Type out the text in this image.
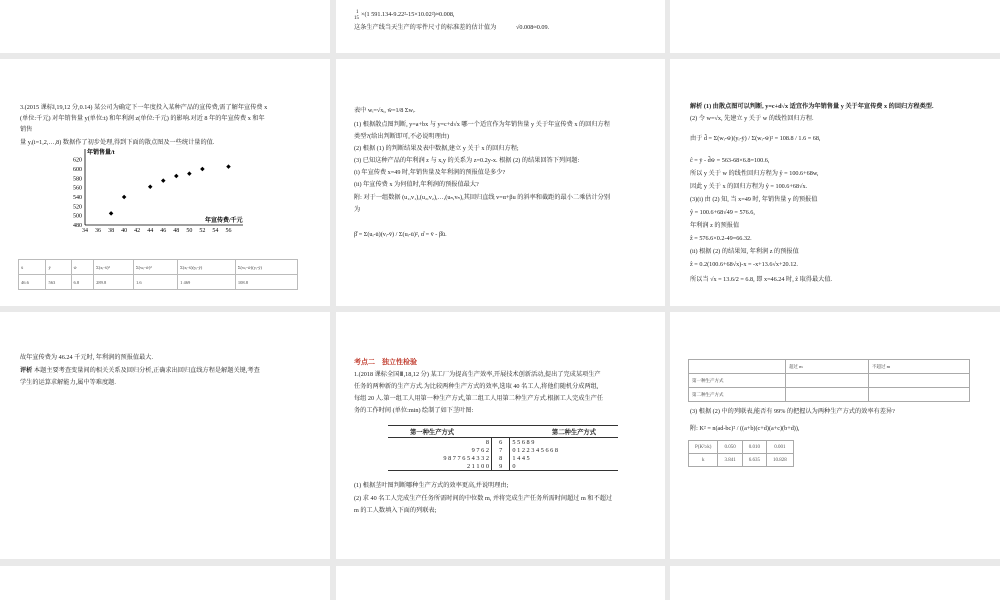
1
15
×(1 591.134-9.22²-15×10.02²)≈0.008,
这条生产线当天生产的零件尺寸的标准差的估计值为	√0.008≈0.09.
3.(2015 课标Ⅰ,19,12 分,0.14) 某公司为确定下一年度投入某种产品的宣传费,需了解年宣传费 x
(单位:千元) 对年销售量 y(单位:t) 和年利润 z(单位:千元) 的影响.对近 8 年的年宣传费 x 和年
销售
量 yᵢ(i=1,2,…,8) 数据作了初步处理,得到下面的散点图及一些统计量的值.
480
500
520
540
560
580
600
620
34 36 38 40 42 44 46 48 50 52 54 56
年销售量/t
年宣传费/千元
x̄	ȳ	w̄	Σ(xᵢ-x̄)²	Σ(wᵢ-w̄)²	Σ(xᵢ-x̄)(yᵢ-ȳ)	Σ(wᵢ-w̄)(yᵢ-ȳ)
46.6	563	6.8	289.8	1.6	1 469	108.8
表中 wᵢ=√xᵢ, w̄=1/8 Σwᵢ.
(1) 根据散点图判断, y=a+bx 与 y=c+d√x 哪一个适宜作为年销售量 y 关于年宣传费 x 的回归方程
类型?(给出判断即可,不必说明理由)
(2) 根据 (1) 的判断结果及表中数据,建立 y 关于 x 的回归方程;
(3) 已知这种产品的年利润 z 与 x,y 的关系为 z=0.2y-x. 根据 (2) 的结果回答下列问题:
(i) 年宣传费 x=49 时,年销售量及年利润的预报值是多少?
(ii) 年宣传费 x 为何值时,年利润的预报值最大?
附: 对于一组数据 (u₁,v₁),(u₂,v₂),…,(uₙ,vₙ),其回归直线 v=α+βu 的斜率和截距的最小二乘估计分别
为
β̂ = Σ(uᵢ-ū)(vᵢ-v̄) / Σ(uᵢ-ū)², α̂ = v̄ - β̂ū.
解析 (1) 由散点图可以判断, y=c+d√x 适宜作为年销售量 y 关于年宣传费 x 的回归方程类型.
(2) 令 w=√x, 先建立 y 关于 w 的线性回归方程.
由于 d̂ = Σ(wᵢ-w̄)(yᵢ-ȳ) / Σ(wᵢ-w̄)² = 108.8 / 1.6 = 68,
ĉ = ȳ - d̂w̄ = 563-68×6.8=100.6,
所以 y 关于 w 的线性回归方程为 ŷ = 100.6+68w,
因此 y 关于 x 的回归方程为 ŷ = 100.6+68√x.
(3)(i) 由 (2) 知, 当 x=49 时, 年销售量 y 的预报值
ŷ = 100.6+68√49 = 576.6,
年利润 z 的预报值
ẑ = 576.6×0.2-49=66.32.
(ii) 根据 (2) 的结果知, 年利润 z 的预报值
ẑ = 0.2(100.6+68√x)-x = -x+13.6√x+20.12.
所以当 √x = 13.6/2 = 6.8, 即 x=46.24 时, ẑ 取得最大值.
故年宣传费为 46.24 千元时, 年利润的预报值最大.
评析 本题主要考查变量间的相关关系及回归分析,正确求出回归直线方程是解题关键,考查
学生的运算求解能力,属中等难度题.
考点二　独立性检验
1.(2018 课标全国Ⅲ,18,12 分) 某工厂为提高生产效率,开展技术创新活动,提出了完成某项生产
任务的两种新的生产方式.为比较两种生产方式的效率,选取 40 名工人,将他们随机分成两组,
每组 20 人.第一组工人用第一种生产方式,第二组工人用第二种生产方式.根据工人完成生产任
务的工作时间 (单位:min) 绘制了如下茎叶图:
第一种生产方式	第二种生产方式
8	6	5 5 6 8 9
9 7 6 2	7	0 1 2 2 3 4 5 6 6 8
9 8 7 7 6 5 4 3 3 2	8	1 4 4 5
2 1 1 0 0	9	0
(1) 根据茎叶图判断哪种生产方式的效率更高,并说明理由;
(2) 求 40 名工人完成生产任务所需时间的中位数 m, 并将完成生产任务所需时间超过 m 和不超过
m 的工人数填入下面的列联表;
	超过 m	不超过 m
第一种生产方式		
第二种生产方式		
(3) 根据 (2) 中的列联表,能否有 99% 的把握认为两种生产方式的效率有差异?
附: K² = n(ad-bc)² / ((a+b)(c+d)(a+c)(b+d)),
P(K²≥k)	0.050	0.010	0.001
k	3.841	6.635	10.828
